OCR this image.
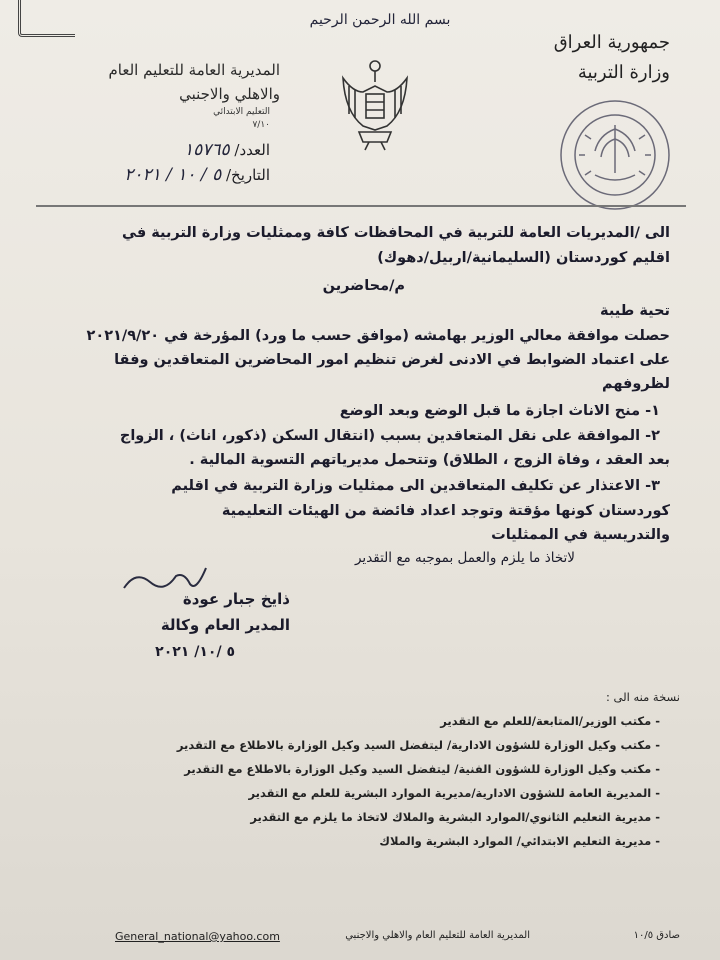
بسم الله الرحمن الرحيم
جمهورية العراق
وزارة التربية
المديرية العامة للتعليم العام
والاهلي والاجنبي
التعليم الابتدائي
٧/١٠
العدد/ ١٥٧٦٥
التاريخ/ ٥ / ١٠ / ٢٠٢١
الى /المديريات العامة للتربية في المحافظات كافة وممثليات وزارة التربية في
اقليم كوردستان (السليمانية/اربيل/دهوك)
م/محاضرين
تحية طيبة
حصلت موافقة معالي الوزير بهامشه (موافق حسب ما ورد) المؤرخة في ٢٠٢١/٩/٢٠
على اعتماد الضوابط في الادنى لغرض تنظيم امور المحاضرين المتعاقدين وفقا
لظروفهم
١- منح الاناث اجازة ما قبل الوضع وبعد الوضع
٢- الموافقة على نقل المتعاقدين بسبب (انتقال السكن (ذكور، اناث) ، الزواج
بعد العقد ، وفاة الزوج ، الطلاق) وتتحمل مديرياتهم التسوية المالية .
٣- الاعتذار عن تكليف المتعاقدين الى ممثليات وزارة التربية في اقليم
كوردستان كونها مؤقتة وتوجد اعداد فائضة من الهيئات التعليمية
والتدريسية في الممثليات
لاتخاذ ما يلزم والعمل بموجبه مع التقدير
ذايخ جبار عودة
المدير العام وكالة
٥ /١٠/ ٢٠٢١
نسخة منه الى :
- مكتب الوزير/المتابعة/للعلم مع التقدير
- مكتب وكيل الوزارة للشؤون الادارية/ ليتفضل السيد وكيل الوزارة بالاطلاع مع التقدير
- مكتب وكيل الوزارة للشؤون الفنية/ ليتفضل السيد وكيل الوزارة بالاطلاع مع التقدير
- المديرية العامة للشؤون الادارية/مديرية الموارد البشرية للعلم مع التقدير
- مديرية التعليم الثانوي/الموارد البشرية والملاك لاتخاذ ما يلزم مع التقدير
- مديرية التعليم الابتدائي/ الموارد البشرية والملاك
General_national@yahoo.com	المديرية العامة للتعليم العام والاهلي والاجنبي	صادق ١٠/٥
